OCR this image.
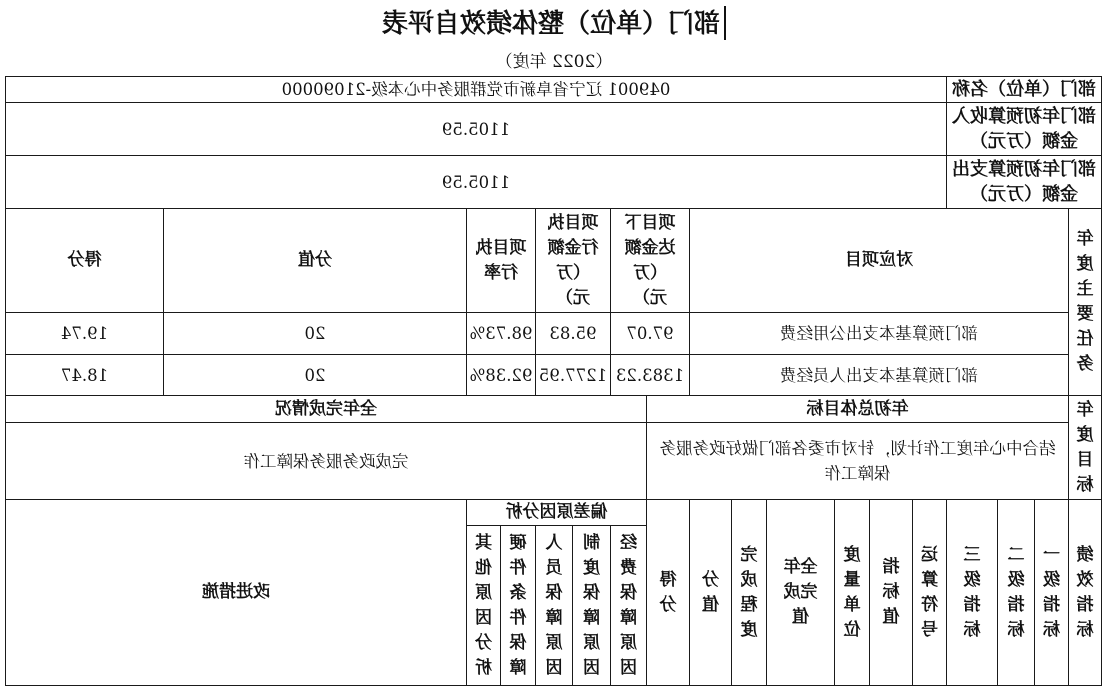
部门（单位）整体绩效自评表
（2022 年度）
部门（单位）名称
049001 辽宁省阜新市党群服务中心本级-21090000
部门年初预算收入金额（万元）
1105.59
部门年初预算支出金额（万元）
1105.59
年度主要任务
对应项目
项目下达金额（万元）
项目执行金额（万元）
项目执行率
分值
得分
部门预算基本支出公用经费
97.07
95.83
98.73%
20
19.74
部门预算基本支出人员经费
1383.23
1277.95
92.38%
20
18.47
年度目标
年初总体目标
全年完成情况
结合中心年度工作计划，针对市委各部门做好政务服务保障工作
完成政务服务保障工作
绩效指标
一级指标
二级指标
三级指标
运算符号
指标值
度量单位
全年完成值
完成程度
分值
得分
偏差原因分析
经费保障原因
制度保障原因
人员保障原因
硬件条件保障
其他原因分析
改进措施
